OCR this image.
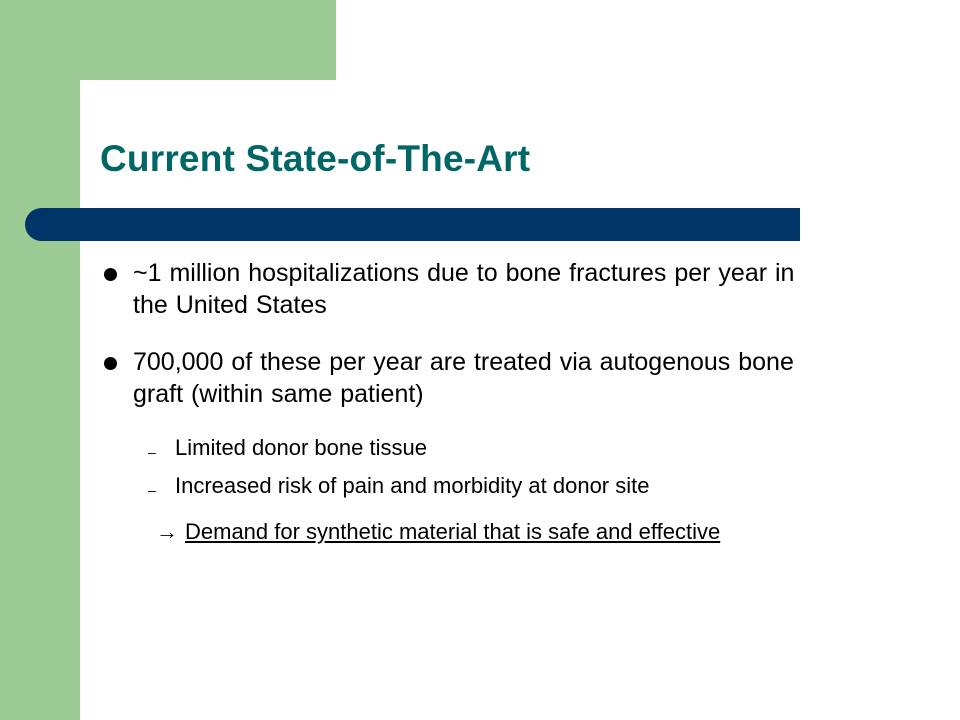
Current State-of-The-Art
~1 million hospitalizations due to bone fractures per year in the United States
700,000 of these per year are treated via autogenous bone graft (within same patient)
– Limited donor bone tissue
– Increased risk of pain and morbidity at donor site
→ Demand for synthetic material that is safe and effective
